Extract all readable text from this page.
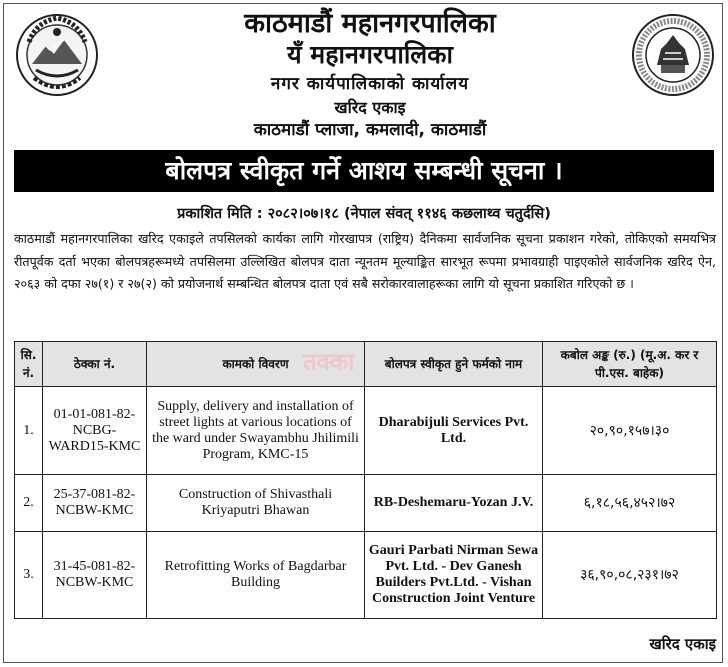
काठमाडौं महानगरपालिका
यँ महानगरपालिका
नगर कार्यपालिकाको कार्यालय
खरिद एकाइ
काठमाडौं प्लाजा, कमलादी, काठमाडौं
बोलपत्र स्वीकृत गर्ने आशय सम्बन्धी सूचना ।
प्रकाशित मिति : २०८२।०७।१८ (नेपाल संवत् ११४६ कछलाथ्व चतुर्दसि)
काठमाडौं महानगरपालिका खरिद एकाइले तपसिलको कार्यका लागि गोरखापत्र (राष्ट्रिय) दैनिकमा सार्वजनिक सूचना प्रकाशन गरेको, तोकिएको समयभित्र रीतपूर्वक दर्ता भएका बोलपत्रहरूमध्ये तपसिलमा उल्लिखित बोलपत्र दाता न्यूनतम मूल्याङ्कित सारभूत रूपमा प्रभावग्राही पाइएकोले सार्वजनिक खरिद ऐन, २०६३ को दफा २७(१) र २७(२) को प्रयोजनार्थ सम्बन्धित बोलपत्र दाता एवं सबै सरोकारवालाहरूका लागि यो सूचना प्रकाशित गरिएको छ ।
सि. नं.	ठेक्का नं.	कामको विवरण	बोलपत्र स्वीकृत हुने फर्मको नाम	कबोल अङ्क (रु.) (मू.अ. कर र पी.एस. बाहेक)
1.	01-01-081-82-NCBG-WARD15-KMC	Supply, delivery and installation of street lights at various locations of the ward under Swayambhu Jhilimili Program, KMC-15	Dharabijuli Services Pvt. Ltd.	२०,९०,१५७।३०
2.	25-37-081-82-NCBW-KMC	Construction of Shivasthali Kriyaputri Bhawan	RB-Deshemaru-Yozan J.V.	६,१८,५६,४५२।७२
3.	31-45-081-82-NCBW-KMC	Retrofitting Works of Bagdarbar Building	Gauri Parbati Nirman Sewa Pvt. Ltd. - Dev Ganesh Builders Pvt.Ltd. - Vishan Construction Joint Venture	३६,९०,०८,२३१।७२
तक्का
खरिद एकाइ
